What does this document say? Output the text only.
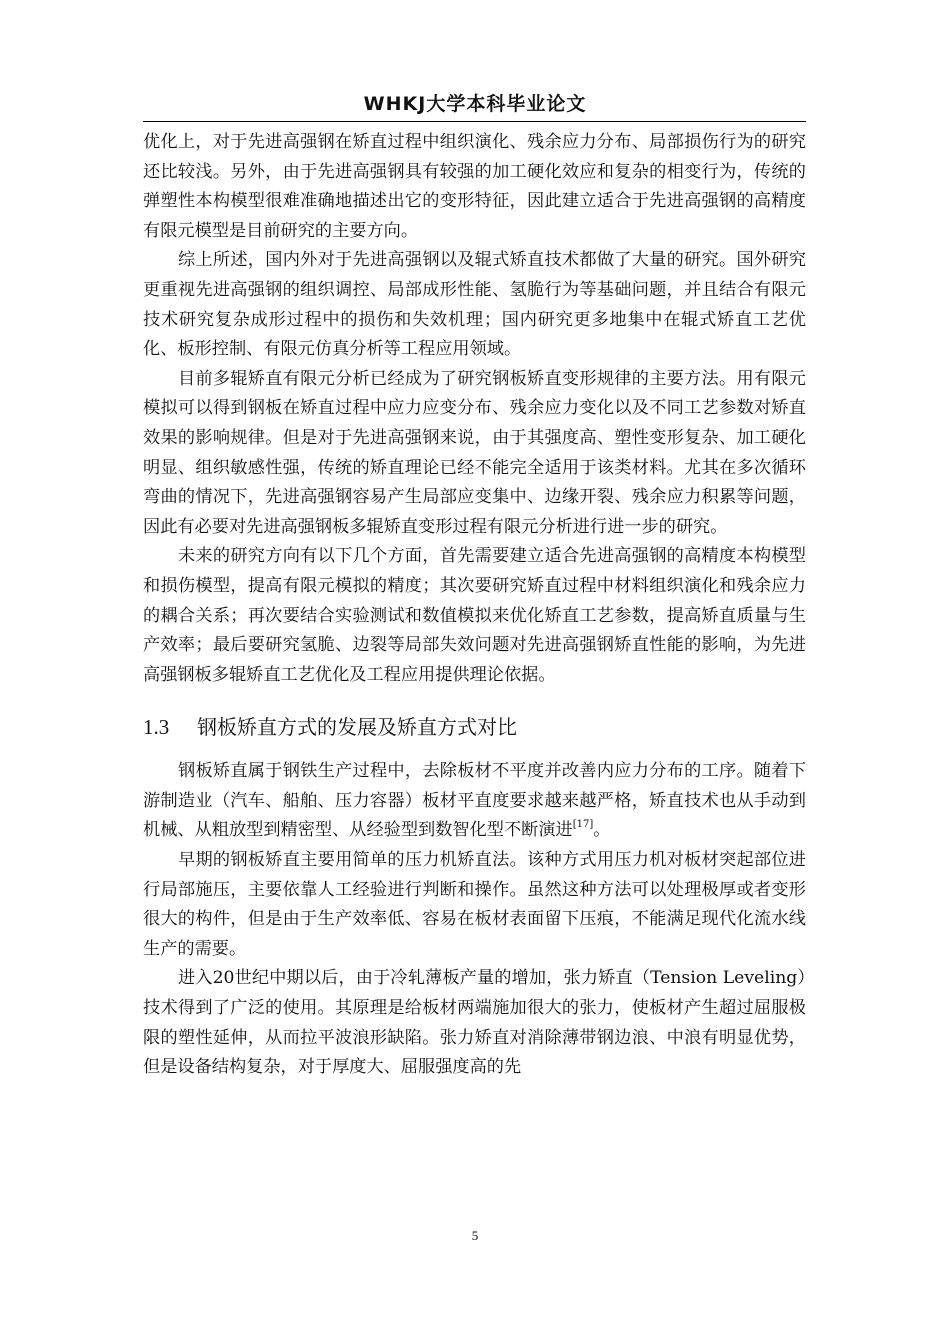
WHKJ大学本科毕业论文

优化上，对于先进高强钢在矫直过程中组织演化、残余应力分布、局部损伤行为的研究还比较浅。另外，由于先进高强钢具有较强的加工硬化效应和复杂的相变行为，传统的弹塑性本构模型很难准确地描述出它的变形特征，因此建立适合于先进高强钢的高精度有限元模型是目前研究的主要方向。

综上所述，国内外对于先进高强钢以及辊式矫直技术都做了大量的研究。国外研究更重视先进高强钢的组织调控、局部成形性能、氢脆行为等基础问题，并且结合有限元技术研究复杂成形过程中的损伤和失效机理；国内研究更多地集中在辊式矫直工艺优化、板形控制、有限元仿真分析等工程应用领域。

目前多辊矫直有限元分析已经成为了研究钢板矫直变形规律的主要方法。用有限元模拟可以得到钢板在矫直过程中应力应变分布、残余应力变化以及不同工艺参数对矫直效果的影响规律。但是对于先进高强钢来说，由于其强度高、塑性变形复杂、加工硬化明显、组织敏感性强，传统的矫直理论已经不能完全适用于该类材料。尤其在多次循环弯曲的情况下，先进高强钢容易产生局部应变集中、边缘开裂、残余应力积累等问题，因此有必要对先进高强钢板多辊矫直变形过程有限元分析进行进一步的研究。

未来的研究方向有以下几个方面，首先需要建立适合先进高强钢的高精度本构模型和损伤模型，提高有限元模拟的精度；其次要研究矫直过程中材料组织演化和残余应力的耦合关系；再次要结合实验测试和数值模拟来优化矫直工艺参数，提高矫直质量与生产效率；最后要研究氢脆、边裂等局部失效问题对先进高强钢矫直性能的影响，为先进高强钢板多辊矫直工艺优化及工程应用提供理论依据。

1.3 钢板矫直方式的发展及矫直方式对比

钢板矫直属于钢铁生产过程中，去除板材不平度并改善内应力分布的工序。随着下游制造业（汽车、船舶、压力容器）板材平直度要求越来越严格，矫直技术也从手动到机械、从粗放型到精密型、从经验型到数智化型不断演进[17]。

早期的钢板矫直主要用简单的压力机矫直法。该种方式用压力机对板材突起部位进行局部施压，主要依靠人工经验进行判断和操作。虽然这种方法可以处理极厚或者变形很大的构件，但是由于生产效率低、容易在板材表面留下压痕，不能满足现代化流水线生产的需要。

进入20世纪中期以后，由于冷轧薄板产量的增加，张力矫直（Tension Leveling）技术得到了广泛的使用。其原理是给板材两端施加很大的张力，使板材产生超过屈服极限的塑性延伸，从而拉平波浪形缺陷。张力矫直对消除薄带钢边浪、中浪有明显优势，但是设备结构复杂，对于厚度大、屈服强度高的先

5
